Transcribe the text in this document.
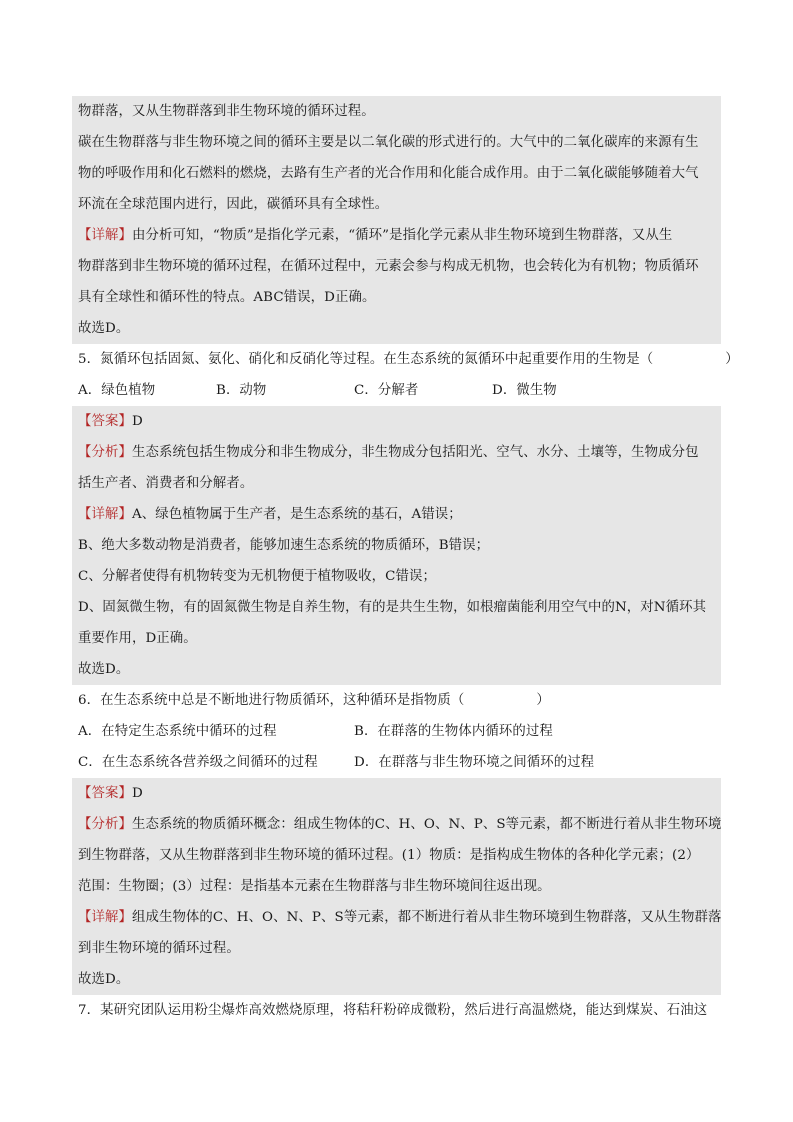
物群落，又从生物群落到非生物环境的循环过程。
碳在生物群落与非生物环境之间的循环主要是以二氧化碳的形式进行的。大气中的二氧化碳库的来源有生
物的呼吸作用和化石燃料的燃烧，去路有生产者的光合作用和化能合成作用。由于二氧化碳能够随着大气
环流在全球范围内进行，因此，碳循环具有全球性。
【详解】由分析可知，“物质”是指化学元素，“循环”是指化学元素从非生物环境到生物群落，又从生
物群落到非生物环境的循环过程，在循环过程中，元素会参与构成无机物，也会转化为有机物；物质循环
具有全球性和循环性的特点。ABC错误，D正确。
故选D。
5．氮循环包括固氮、氨化、硝化和反硝化等过程。在生态系统的氮循环中起重要作用的生物是（	）
A．绿色植物	B．动物	C．分解者	D．微生物
【答案】D
【分析】生态系统包括生物成分和非生物成分，非生物成分包括阳光、空气、水分、土壤等，生物成分包
括生产者、消费者和分解者。
【详解】A、绿色植物属于生产者，是生态系统的基石，A错误；
B、绝大多数动物是消费者，能够加速生态系统的物质循环，B错误；
C、分解者使得有机物转变为无机物便于植物吸收，C错误；
D、固氮微生物，有的固氮微生物是自养生物，有的是共生生物，如根瘤菌能利用空气中的N，对N循环其
重要作用，D正确。
故选D。
6．在生态系统中总是不断地进行物质循环，这种循环是指物质（	）
A．在特定生态系统中循环的过程	B．在群落的生物体内循环的过程
C．在生态系统各营养级之间循环的过程	D．在群落与非生物环境之间循环的过程
【答案】D
【分析】生态系统的物质循环概念：组成生物体的C、H、O、N、P、S等元素，都不断进行着从非生物环境
到生物群落，又从生物群落到非生物环境的循环过程。(1）物质：是指构成生物体的各种化学元素；(2）
范围：生物圈；(3）过程：是指基本元素在生物群落与非生物环境间往返出现。
【详解】组成生物体的C、H、O、N、P、S等元素，都不断进行着从非生物环境到生物群落，又从生物群落
到非生物环境的循环过程。
故选D。
7．某研究团队运用粉尘爆炸高效燃烧原理，将秸秆粉碎成微粉，然后进行高温燃烧，能达到煤炭、石油这
